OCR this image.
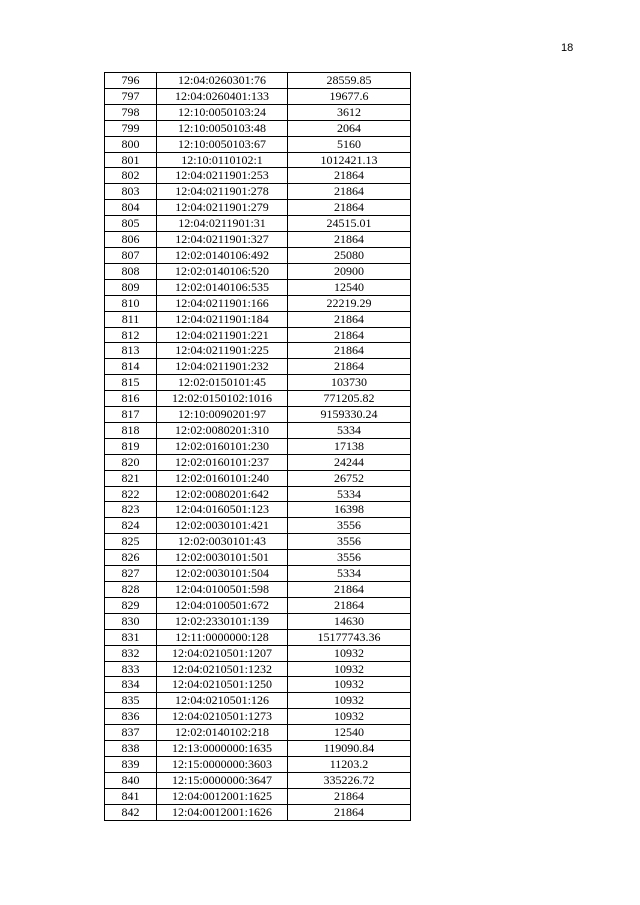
18
796	12:04:0260301:76	28559.85
797	12:04:0260401:133	19677.6
798	12:10:0050103:24	3612
799	12:10:0050103:48	2064
800	12:10:0050103:67	5160
801	12:10:0110102:1	1012421.13
802	12:04:0211901:253	21864
803	12:04:0211901:278	21864
804	12:04:0211901:279	21864
805	12:04:0211901:31	24515.01
806	12:04:0211901:327	21864
807	12:02:0140106:492	25080
808	12:02:0140106:520	20900
809	12:02:0140106:535	12540
810	12:04:0211901:166	22219.29
811	12:04:0211901:184	21864
812	12:04:0211901:221	21864
813	12:04:0211901:225	21864
814	12:04:0211901:232	21864
815	12:02:0150101:45	103730
816	12:02:0150102:1016	771205.82
817	12:10:0090201:97	9159330.24
818	12:02:0080201:310	5334
819	12:02:0160101:230	17138
820	12:02:0160101:237	24244
821	12:02:0160101:240	26752
822	12:02:0080201:642	5334
823	12:04:0160501:123	16398
824	12:02:0030101:421	3556
825	12:02:0030101:43	3556
826	12:02:0030101:501	3556
827	12:02:0030101:504	5334
828	12:04:0100501:598	21864
829	12:04:0100501:672	21864
830	12:02:2330101:139	14630
831	12:11:0000000:128	15177743.36
832	12:04:0210501:1207	10932
833	12:04:0210501:1232	10932
834	12:04:0210501:1250	10932
835	12:04:0210501:126	10932
836	12:04:0210501:1273	10932
837	12:02:0140102:218	12540
838	12:13:0000000:1635	119090.84
839	12:15:0000000:3603	11203.2
840	12:15:0000000:3647	335226.72
841	12:04:0012001:1625	21864
842	12:04:0012001:1626	21864
